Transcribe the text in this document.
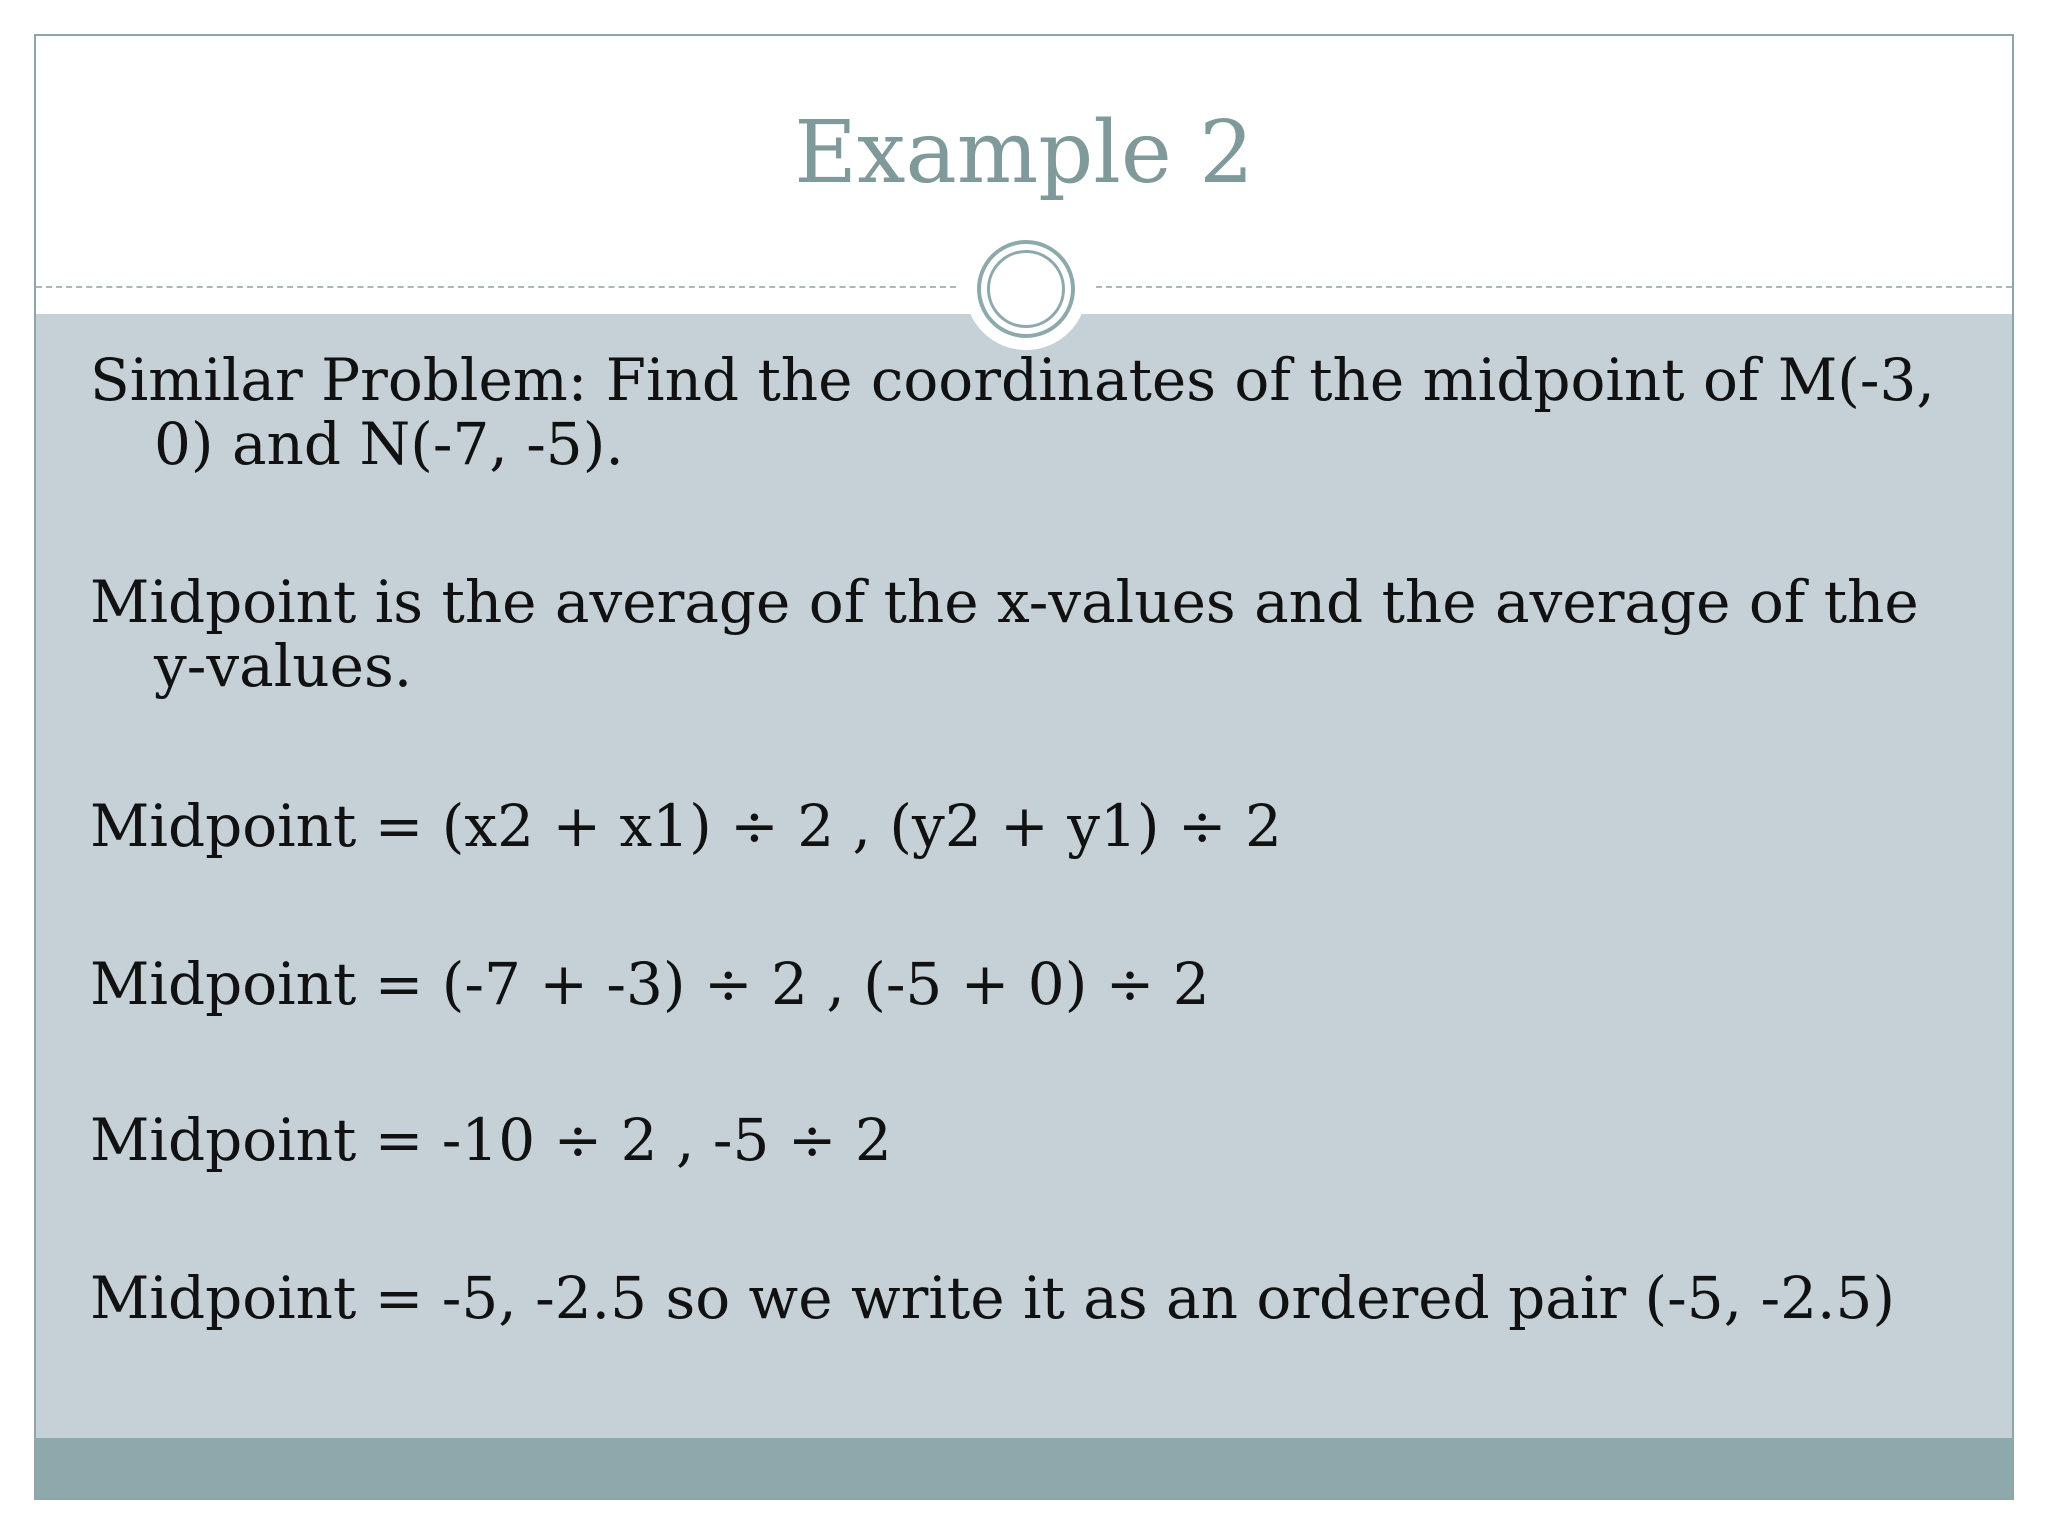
Example 2

Similar Problem: Find the coordinates of the midpoint of M(-3, 0) and N(-7, -5).

Midpoint is the average of the x-values and the average of the y-values.

Midpoint = (x2 + x1) ÷ 2 , (y2 + y1) ÷ 2

Midpoint = (-7 + -3) ÷ 2 , (-5 + 0) ÷ 2

Midpoint = -10 ÷ 2 , -5 ÷ 2

Midpoint = -5, -2.5 so we write it as an ordered pair (-5, -2.5)
